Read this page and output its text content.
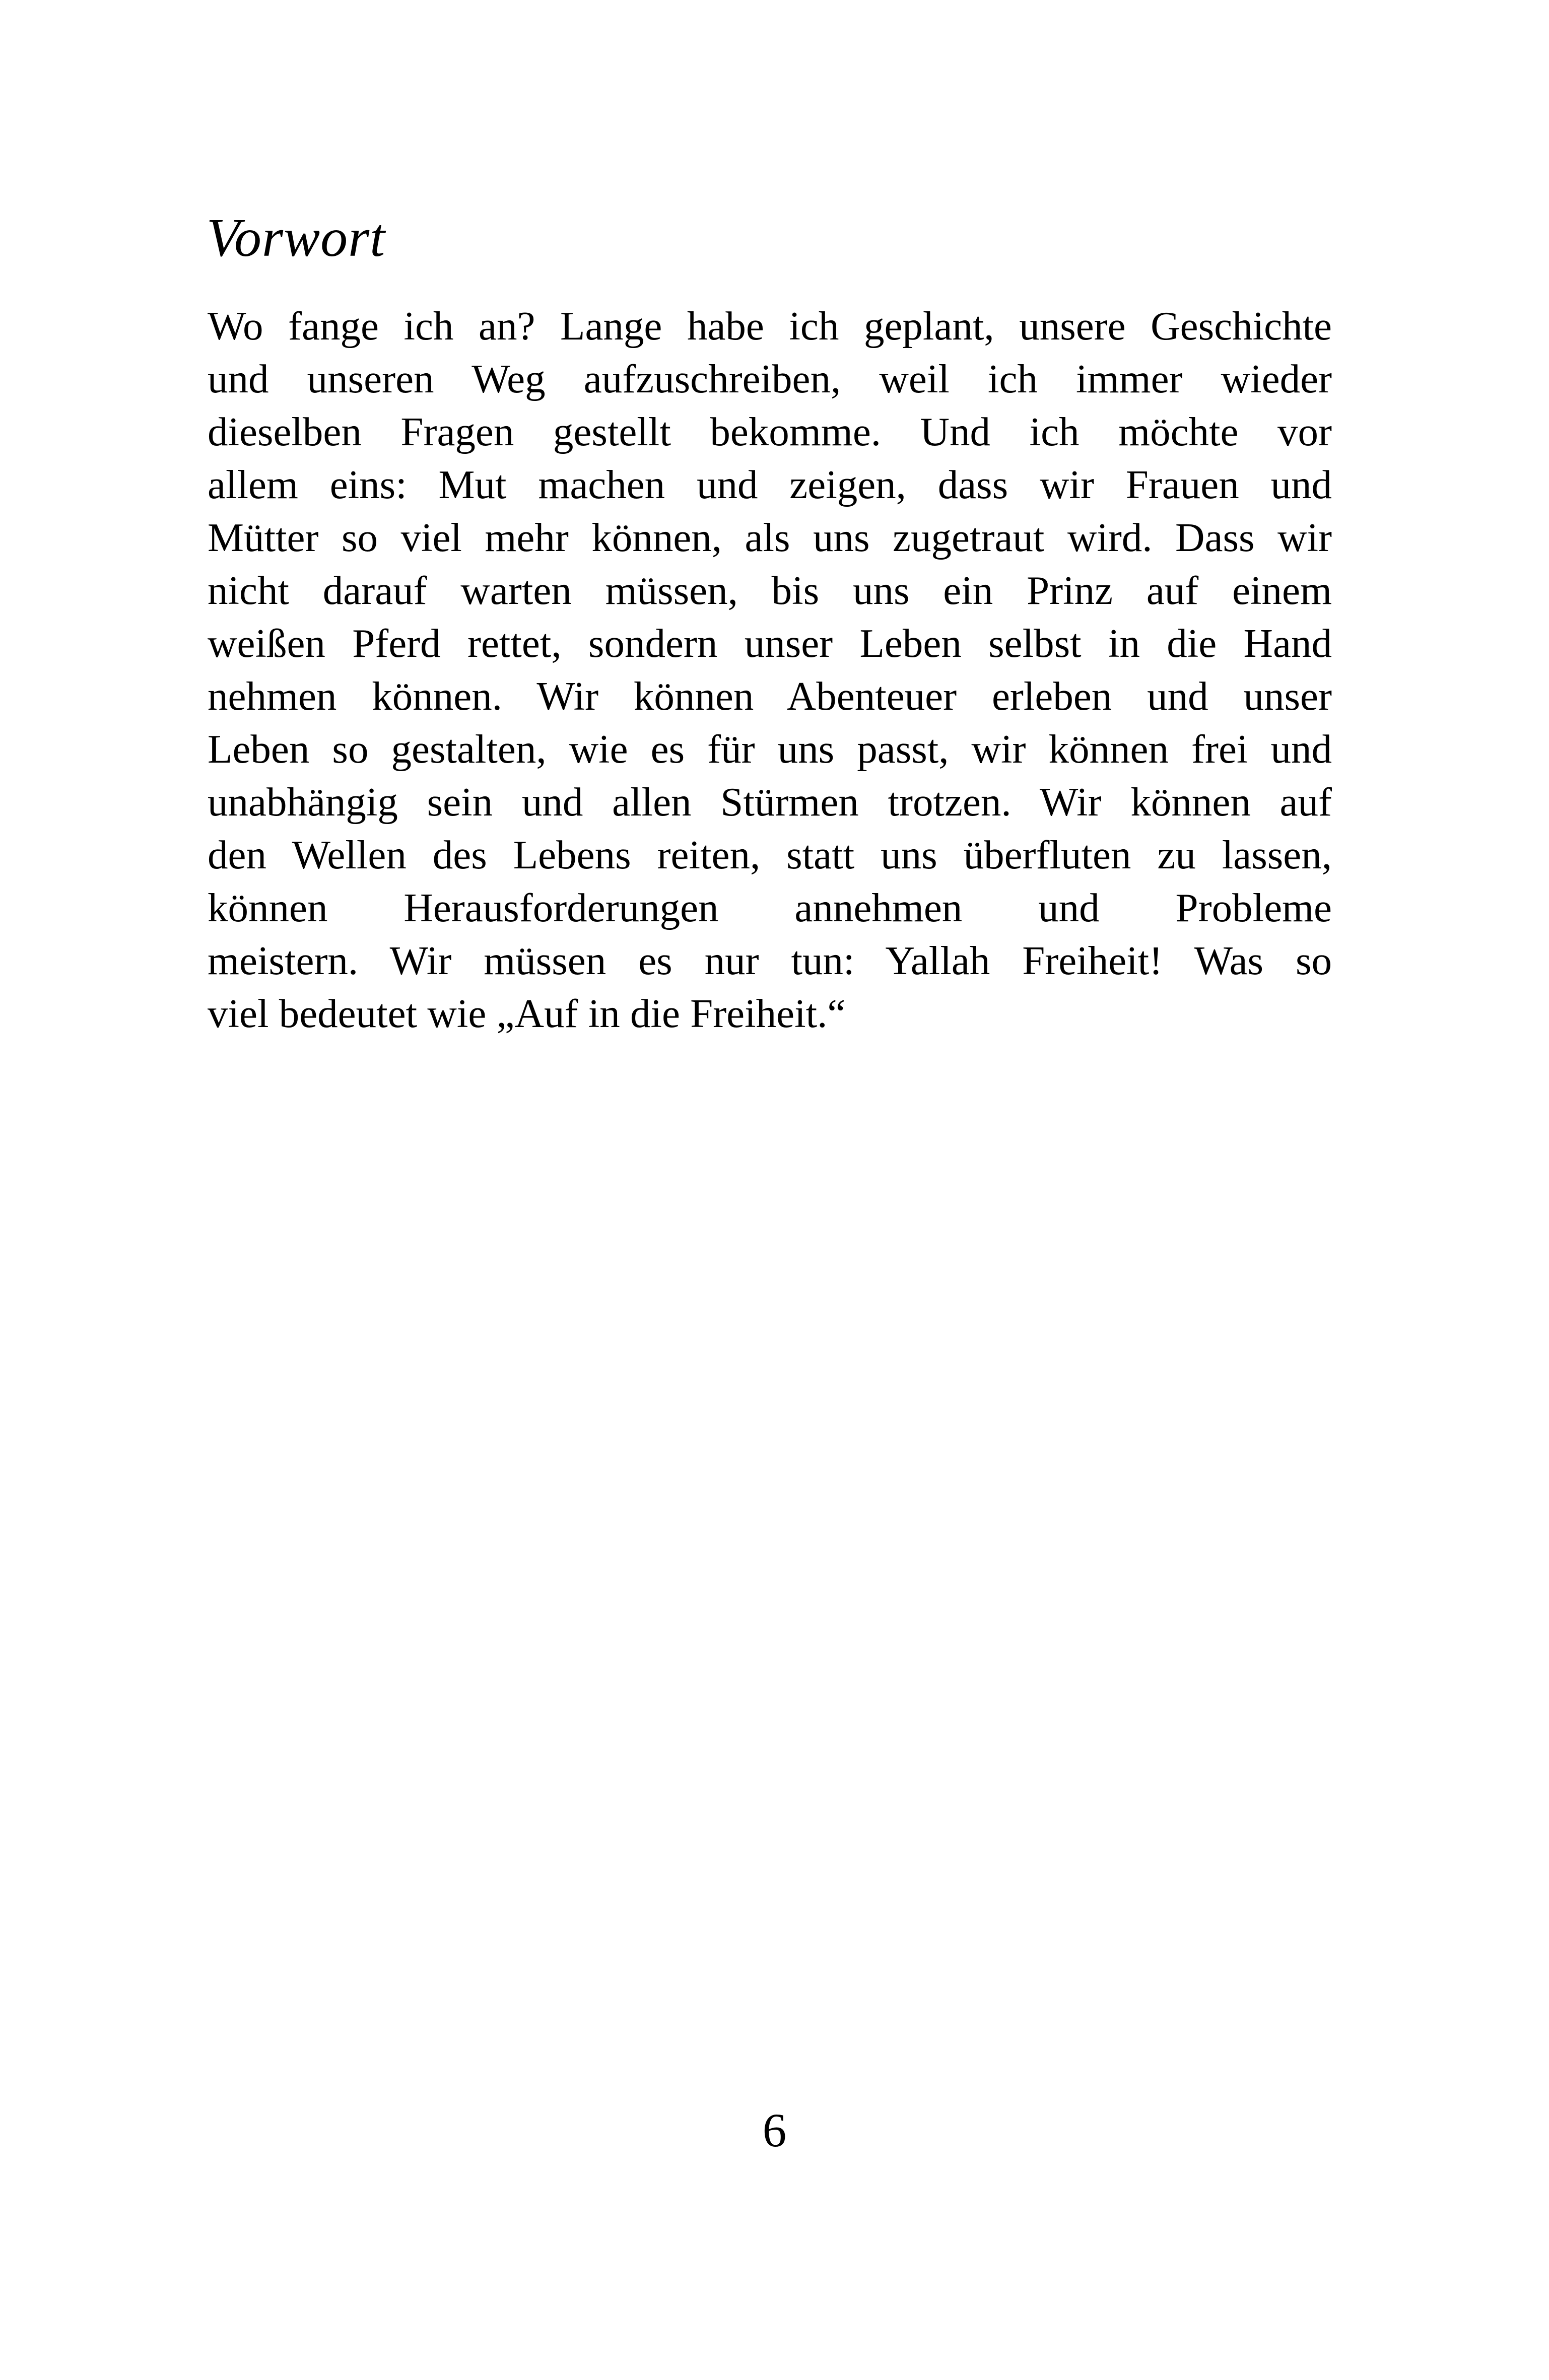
Vorwort
Wo fange ich an? Lange habe ich geplant, unsere Geschichte
und unseren Weg aufzuschreiben, weil ich immer wieder
dieselben Fragen gestellt bekomme. Und ich möchte vor
allem eins: Mut machen und zeigen, dass wir Frauen und
Mütter so viel mehr können, als uns zugetraut wird. Dass wir
nicht darauf warten müssen, bis uns ein Prinz auf einem
weißen Pferd rettet, sondern unser Leben selbst in die Hand
nehmen können. Wir können Abenteuer erleben und unser
Leben so gestalten, wie es für uns passt, wir können frei und
unabhängig sein und allen Stürmen trotzen. Wir können auf
den Wellen des Lebens reiten, statt uns überfluten zu lassen,
können Herausforderungen annehmen und Probleme
meistern. Wir müssen es nur tun: Yallah Freiheit! Was so
viel bedeutet wie „Auf in die Freiheit.“

6
